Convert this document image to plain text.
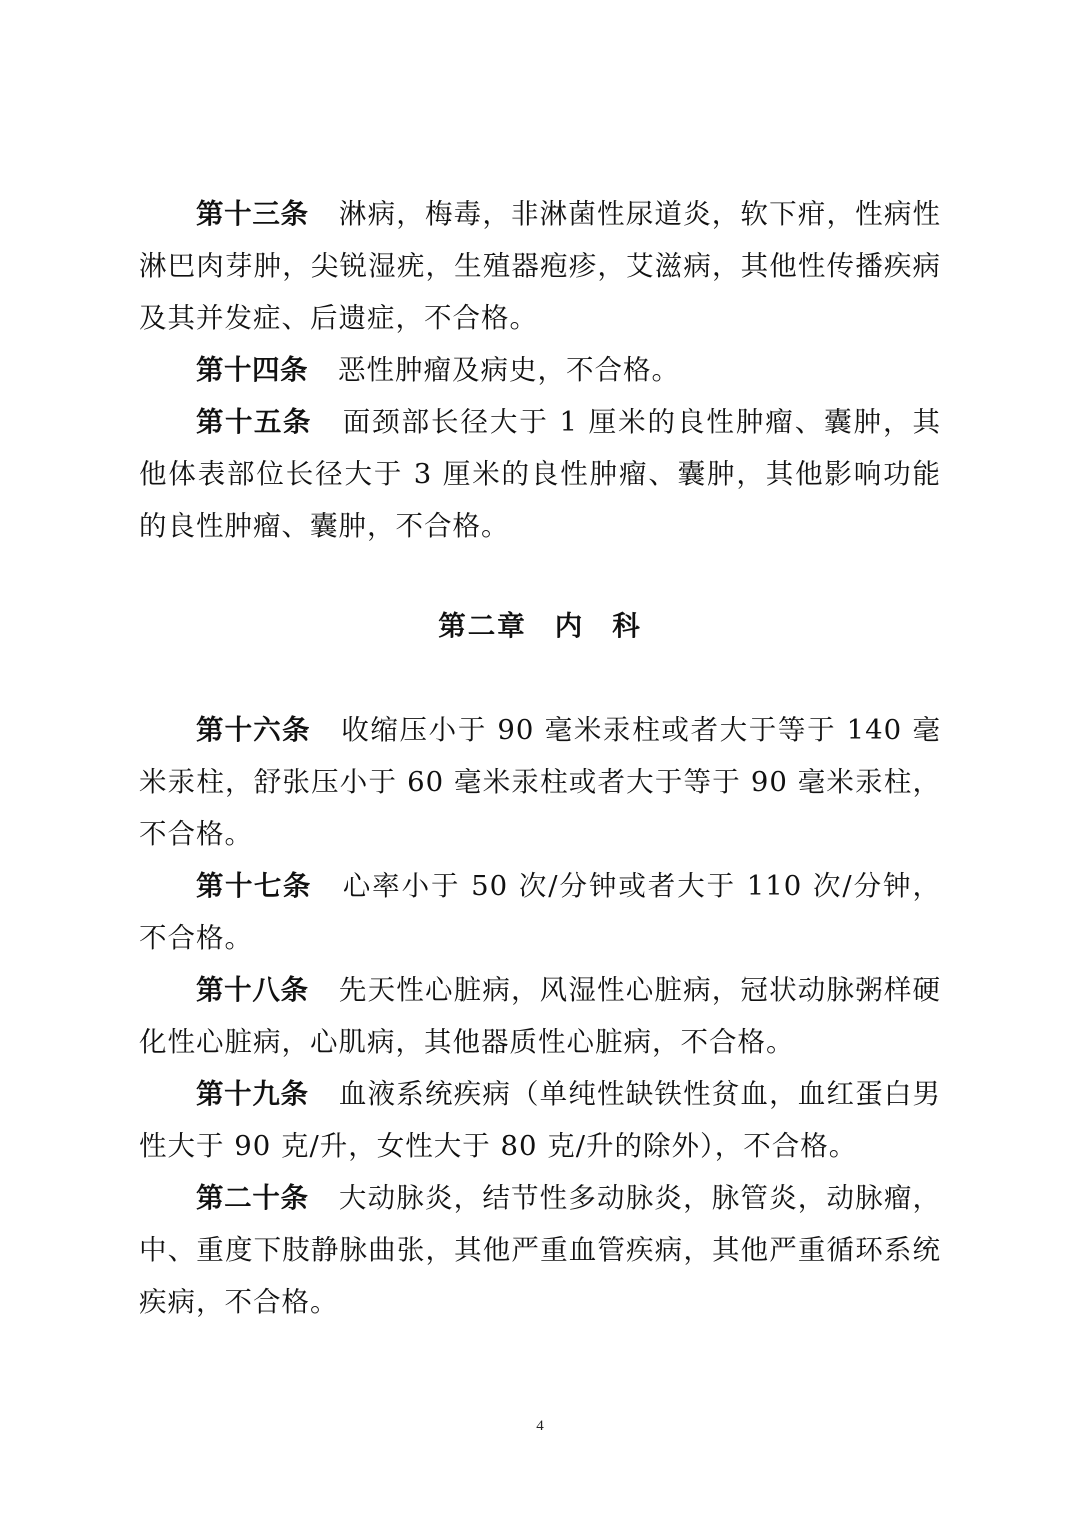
第十三条 淋病，梅毒，非淋菌性尿道炎，软下疳，性病性淋巴肉芽肿，尖锐湿疣，生殖器疱疹，艾滋病，其他性传播疾病及其并发症、后遗症，不合格。

第十四条 恶性肿瘤及病史，不合格。

第十五条 面颈部长径大于 1 厘米的良性肿瘤、囊肿，其他体表部位长径大于 3 厘米的良性肿瘤、囊肿，其他影响功能的良性肿瘤、囊肿，不合格。

第二章 内 科

第十六条 收缩压小于 90 毫米汞柱或者大于等于 140 毫米汞柱，舒张压小于 60 毫米汞柱或者大于等于 90 毫米汞柱，不合格。

第十七条 心率小于 50 次/分钟或者大于 110 次/分钟，不合格。

第十八条 先天性心脏病，风湿性心脏病，冠状动脉粥样硬化性心脏病，心肌病，其他器质性心脏病，不合格。

第十九条 血液系统疾病（单纯性缺铁性贫血，血红蛋白男性大于 90 克/升，女性大于 80 克/升的除外），不合格。

第二十条 大动脉炎，结节性多动脉炎，脉管炎，动脉瘤，中、重度下肢静脉曲张，其他严重血管疾病，其他严重循环系统疾病，不合格。

4
